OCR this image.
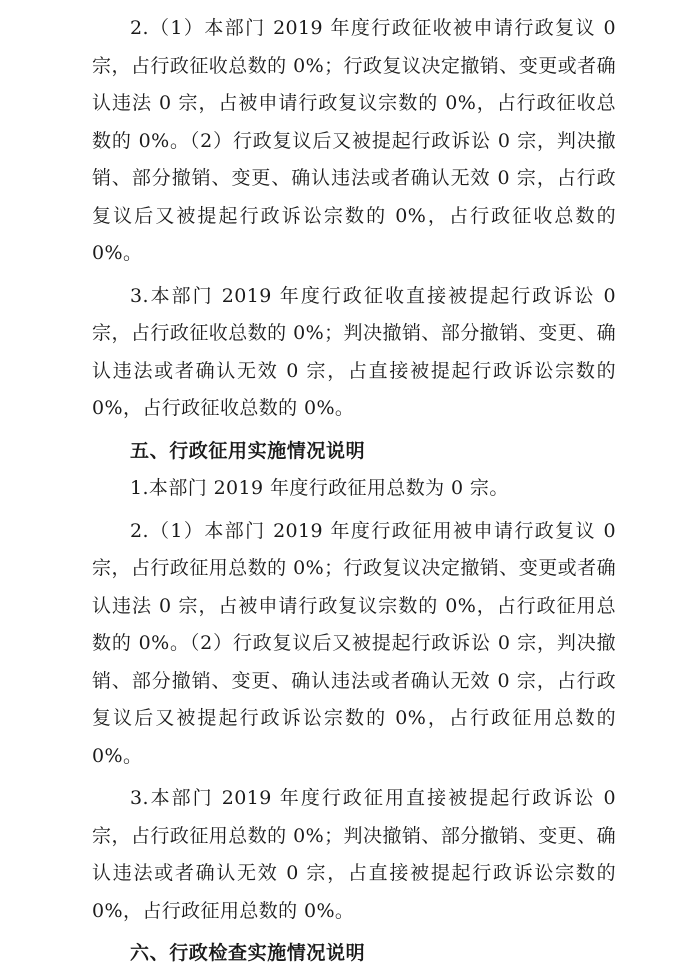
2.（1）本部门 2019 年度行政征收被申请行政复议 0 宗，占行政征收总数的 0%；行政复议决定撤销、变更或者确认违法 0 宗，占被申请行政复议宗数的 0%，占行政征收总数的 0%。（2）行政复议后又被提起行政诉讼 0 宗，判决撤销、部分撤销、变更、确认违法或者确认无效 0 宗，占行政复议后又被提起行政诉讼宗数的 0%，占行政征收总数的 0%。

3.本部门 2019 年度行政征收直接被提起行政诉讼 0 宗，占行政征收总数的 0%；判决撤销、部分撤销、变更、确认违法或者确认无效 0 宗，占直接被提起行政诉讼宗数的 0%，占行政征收总数的 0%。

五、行政征用实施情况说明

1.本部门 2019 年度行政征用总数为 0 宗。

2.（1）本部门 2019 年度行政征用被申请行政复议 0 宗，占行政征用总数的 0%；行政复议决定撤销、变更或者确认违法 0 宗，占被申请行政复议宗数的 0%，占行政征用总数的 0%。（2）行政复议后又被提起行政诉讼 0 宗，判决撤销、部分撤销、变更、确认违法或者确认无效 0 宗，占行政复议后又被提起行政诉讼宗数的 0%，占行政征用总数的 0%。

3.本部门 2019 年度行政征用直接被提起行政诉讼 0 宗，占行政征用总数的 0%；判决撤销、部分撤销、变更、确认违法或者确认无效 0 宗，占直接被提起行政诉讼宗数的 0%，占行政征用总数的 0%。

六、行政检查实施情况说明
